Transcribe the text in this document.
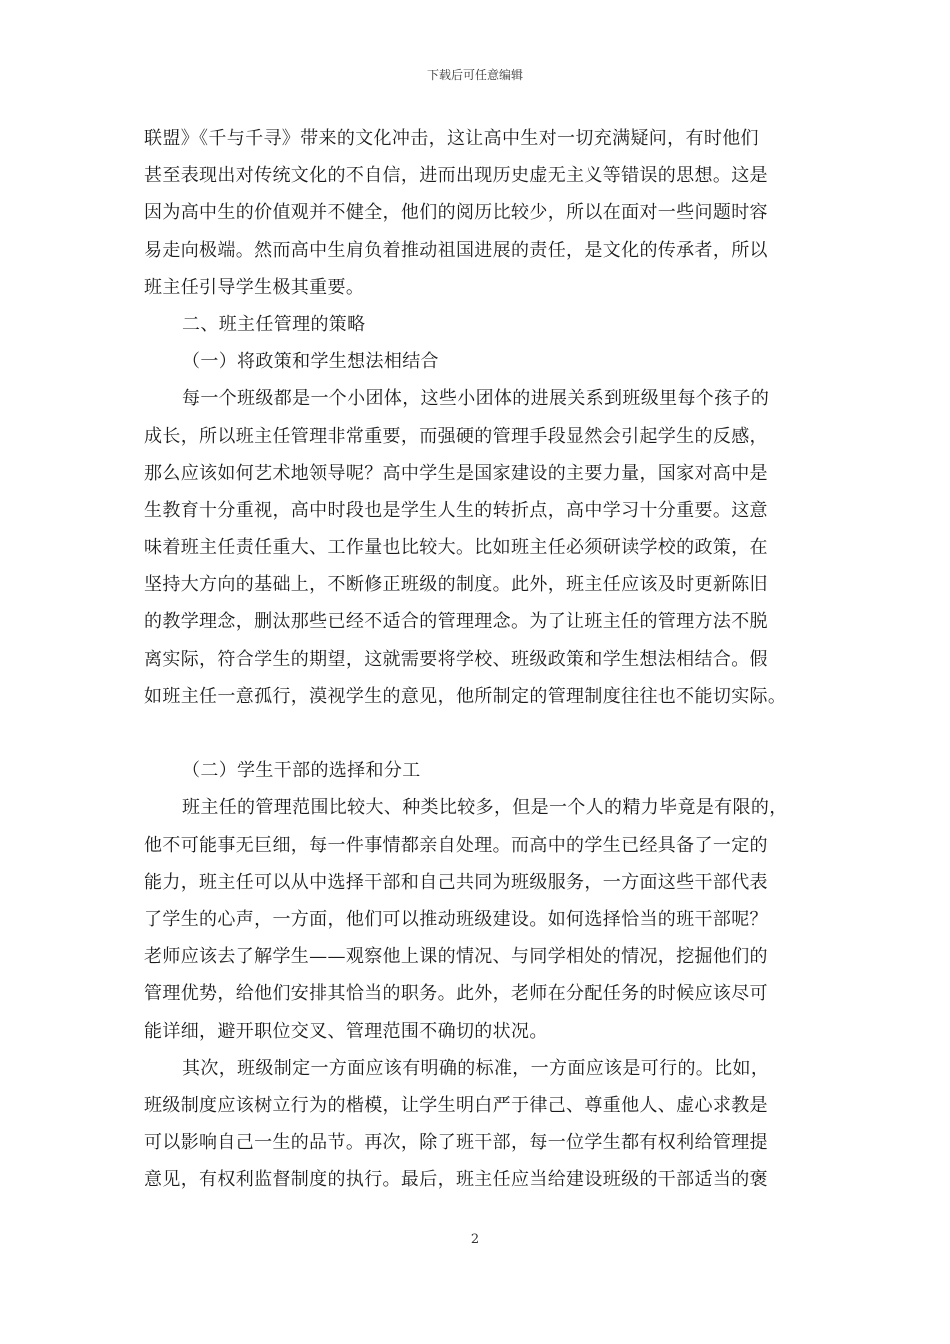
下载后可任意编辑
联盟》《千与千寻》带来的文化冲击，这让高中生对一切充满疑问，有时他们
甚至表现出对传统文化的不自信，进而出现历史虚无主义等错误的思想。这是
因为高中生的价值观并不健全，他们的阅历比较少，所以在面对一些问题时容
易走向极端。然而高中生肩负着推动祖国进展的责任，是文化的传承者，所以
班主任引导学生极其重要。
二、班主任管理的策略
（一）将政策和学生想法相结合
每一个班级都是一个小团体，这些小团体的进展关系到班级里每个孩子的
成长，所以班主任管理非常重要，而强硬的管理手段显然会引起学生的反感，
那么应该如何艺术地领导呢？高中学生是国家建设的主要力量，国家对高中是
生教育十分重视，高中时段也是学生人生的转折点，高中学习十分重要。这意
味着班主任责任重大、工作量也比较大。比如班主任必须研读学校的政策，在
坚持大方向的基础上，不断修正班级的制度。此外，班主任应该及时更新陈旧
的教学理念，删汰那些已经不适合的管理理念。为了让班主任的管理方法不脱
离实际，符合学生的期望，这就需要将学校、班级政策和学生想法相结合。假
如班主任一意孤行，漠视学生的意见，他所制定的管理制度往往也不能切实际。
（二）学生干部的选择和分工
班主任的管理范围比较大、种类比较多，但是一个人的精力毕竟是有限的，
他不可能事无巨细，每一件事情都亲自处理。而高中的学生已经具备了一定的
能力，班主任可以从中选择干部和自己共同为班级服务，一方面这些干部代表
了学生的心声，一方面，他们可以推动班级建设。如何选择恰当的班干部呢？
老师应该去了解学生——观察他上课的情况、与同学相处的情况，挖掘他们的
管理优势，给他们安排其恰当的职务。此外，老师在分配任务的时候应该尽可
能详细，避开职位交叉、管理范围不确切的状况。
其次，班级制定一方面应该有明确的标准，一方面应该是可行的。比如，
班级制度应该树立行为的楷模，让学生明白严于律己、尊重他人、虚心求教是
可以影响自己一生的品节。再次，除了班干部，每一位学生都有权利给管理提
意见，有权利监督制度的执行。最后，班主任应当给建设班级的干部适当的褒
2
